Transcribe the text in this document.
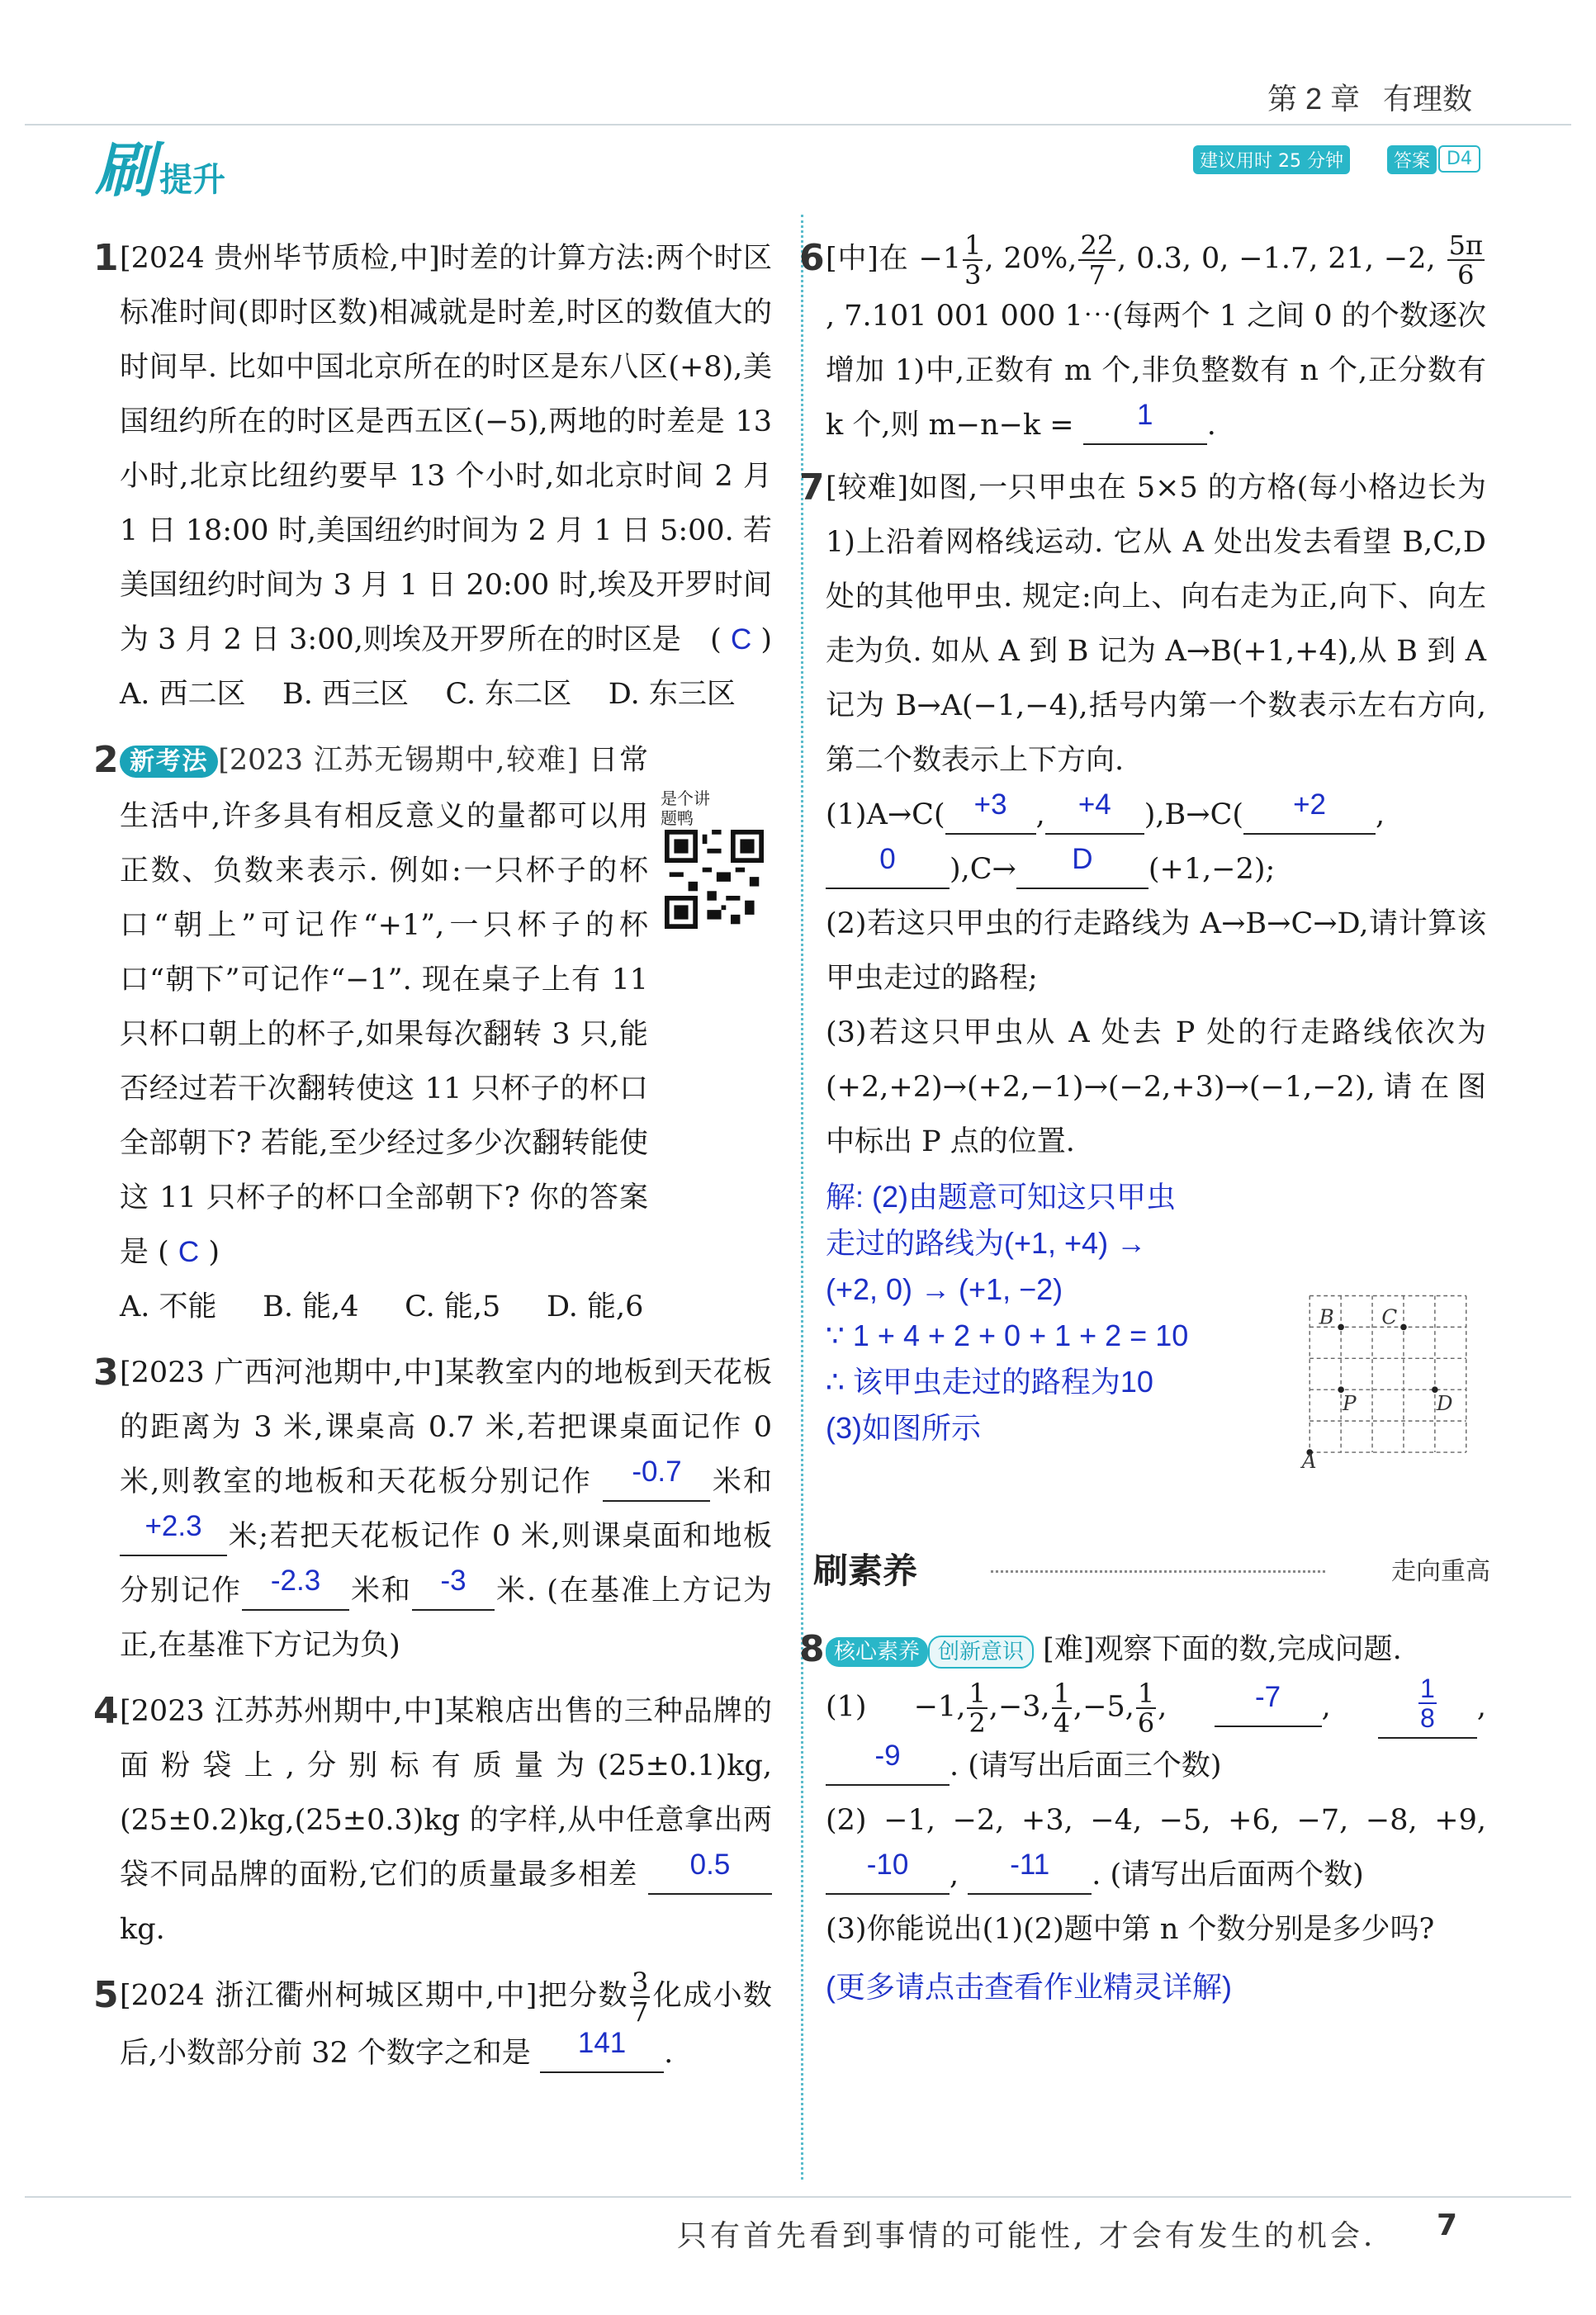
第 2 章 有理数
刷提升	建议用时 25 分钟	答案 D4

1 [2024 贵州毕节质检,中]时差的计算方法:两个时区标准时间(即时区数)相减就是时差,时区的数值大的时间早. 比如中国北京所在的时区是东八区(+8),美国纽约所在的时区是西五区(−5),两地的时差是 13 小时,北京比纽约要早 13 个小时,如北京时间 2 月 1 日 18:00 时,美国纽约时间为 2 月 1 日 5:00. 若美国纽约时间为 3 月 1 日 20:00 时,埃及开罗时间为 3 月 2 日 3:00,则埃及开罗所在的时区是 ( C )

A. 西二区    B. 西三区    C. 东二区    D. 东三区

2 新考法 [2023 江苏无锡期中,较难] 日常生活中,许多具有相反意义的量都可以用正数、负数来表示. 例如:一只杯子的杯口“朝上”可记作“+1”,一只杯子的杯口“朝下”可记作“−1”. 现在桌子上有 11 只杯口朝上的杯子,如果每次翻转 3 只,能否经过若干次翻转使这 11 只杯子的杯口全部朝下? 若能,至少经过多少次翻转能使这 11 只杯子的杯口全部朝下? 你的答案是 ( C )

A. 不能     B. 能,4     C. 能,5     D. 能,6

3 [2023 广西河池期中,中]某教室内的地板到天花板的距离为 3 米,课桌高 0.7 米,若把课桌面记作 0 米,则教室的地板和天花板分别记作 -0.7 米和+2.3 米;若把天花板记作 0 米,则课桌面和地板分别记作 -2.3 米和 -3 米. (在基准上方记为正,在基准下方记为负)

4 [2023 江苏苏州期中,中]某粮店出售的三种品牌的面粉袋上,分别标有质量为(25±0.1)kg,(25±0.2)kg,(25±0.3)kg 的字样,从中任意拿出两袋不同品牌的面粉,它们的质量最多相差 0.5kg.

5 [2024 浙江衢州柯城区期中,中]把分数 $\frac{3}{7}$ 化成小数后,小数部分前 32 个数字之和是 141 .

是个讲题鸭

6 [中]在 $-1 \frac{1}{3}$ , 20%, $\frac{22}{7}$ , 0.3, 0, −1.7, 21, −2, $\frac{5\pi}{6}$
, 7.101 001 000 1⋯(每两个 1 之间 0 的个数逐次增加 1)中,正数有 m 个,非负整数有 n 个,正分数有 k 个,则 m−n−k = 1 .

7 [较难]如图,一只甲虫在 5×5 的方格(每小格边长为 1)上沿着网格线运动. 它从 A 处出发去看望 B,C,D 处的其他甲虫. 规定:向上、向右走为正,向下、向左走为负. 如从 A 到 B 记为 A→B(+1,+4),从 B 到 A 记为 B→A(−1,−4),括号内第一个数表示左右方向,第二个数表示上下方向.

(1)A→C( +3 , +4 ),B→C( +2 , 0 ),C→ D (+1,−2);

(2)若这只甲虫的行走路线为 A→B→C→D,请计算该甲虫走过的路程;

(3)若这只甲虫从 A 处去 P 处的行走路线依次为(+2,+2)→(+2,−1)→(−2,+3)→(−1,−2),请在图中标出 P 点的位置.

解: (2)由题意可知这只甲虫
走过的路线为(+1, +4) →
(+2, 0) → (+1, −2)
∵ 1 + 4 + 2 + 0 + 1 + 2 = 10
∴ 该甲虫走过的路程为10
(3)如图所示
A
B C
D
P
刷素养	走向重高

8 核心素养 创新意识 [难]观察下面的数,完成问题.

(1) −1, $\frac{1}{2} ,-3$, $\frac{1}{4} ,-5$, $\frac{1}{6}$ , -7 , $\frac{1}{8}$ , -9 . (请写出后面三个数)

(2) −1, −2, +3, −4, −5, +6, −7, −8, +9, -10 , -11 . (请写出后面两个数)

(3)你能说出(1)(2)题中第 n 个数分别是多少吗?

(更多请点击查看作业精灵详解)

只有首先看到事情的可能性, 才会有发生的机会. 7
